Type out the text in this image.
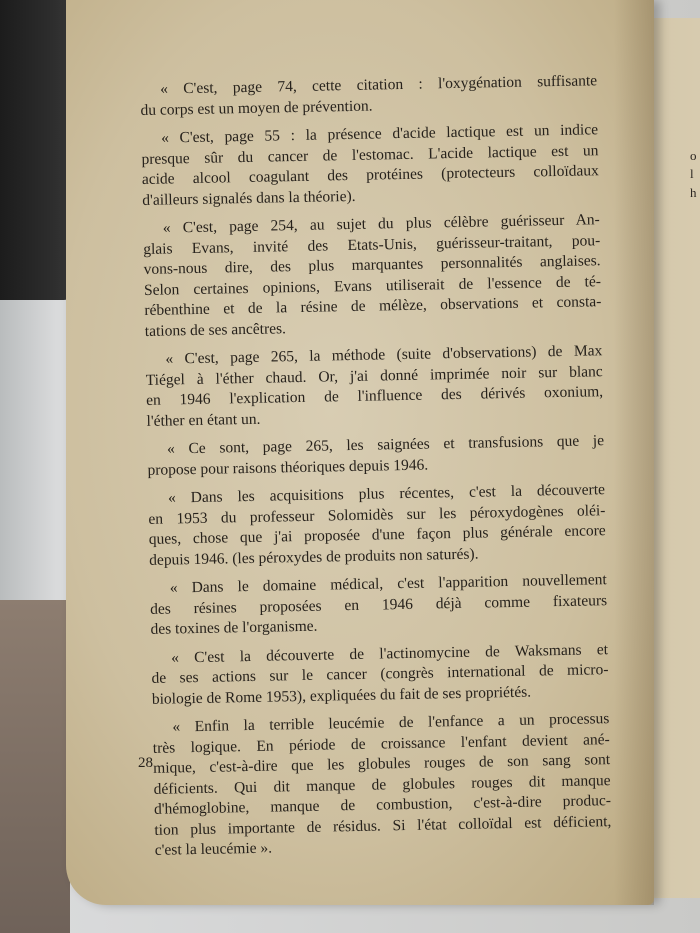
o
l
h
« C'est, page 74, cette citation : l'oxygénation suffisante
du corps est un moyen de prévention.
« C'est, page 55 : la présence d'acide lactique est un indice
presque sûr du cancer de l'estomac. L'acide lactique est un
acide alcool coagulant des protéines (protecteurs colloïdaux
d'ailleurs signalés dans la théorie).
« C'est, page 254, au sujet du plus célèbre guérisseur An-
glais Evans, invité des Etats-Unis, guérisseur-traitant, pou-
vons-nous dire, des plus marquantes personnalités anglaises.
Selon certaines opinions, Evans utiliserait de l'essence de té-
rébenthine et de la résine de mélèze, observations et consta-
tations de ses ancêtres.
« C'est, page 265, la méthode (suite d'observations) de Max
Tiégel à l'éther chaud. Or, j'ai donné imprimée noir sur blanc
en 1946 l'explication de l'influence des dérivés oxonium,
l'éther en étant un.
« Ce sont, page 265, les saignées et transfusions que je
propose pour raisons théoriques depuis 1946.
« Dans les acquisitions plus récentes, c'est la découverte
en 1953 du professeur Solomidès sur les péroxydogènes oléi-
ques, chose que j'ai proposée d'une façon plus générale encore
depuis 1946. (les péroxydes de produits non saturés).
« Dans le domaine médical, c'est l'apparition nouvellement
des résines proposées en 1946 déjà comme fixateurs
des toxines de l'organisme.
« C'est la découverte de l'actinomycine de Waksmans et
de ses actions sur le cancer (congrès international de micro-
biologie de Rome 1953), expliquées du fait de ses propriétés.
« Enfin la terrible leucémie de l'enfance a un processus
très logique. En période de croissance l'enfant devient ané-
mique, c'est-à-dire que les globules rouges de son sang sont
déficients. Qui dit manque de globules rouges dit manque
d'hémoglobine, manque de combustion, c'est-à-dire produc-
tion plus importante de résidus. Si l'état colloïdal est déficient,
c'est la leucémie ».
28
